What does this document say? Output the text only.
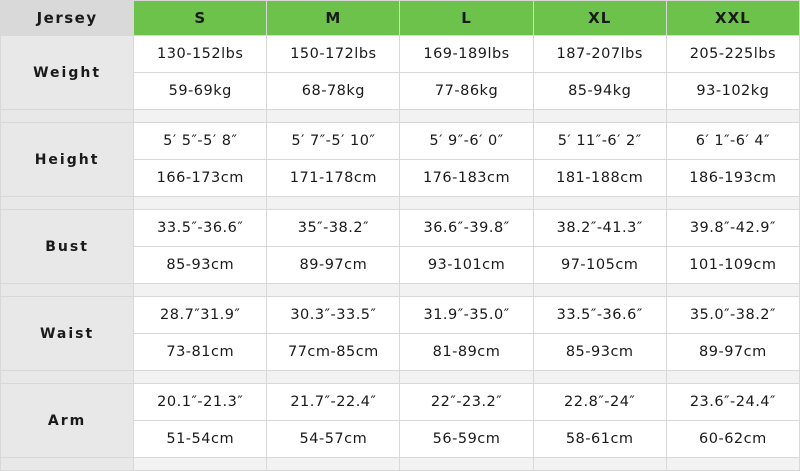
Jersey	S	M	L	XL	XXL
Weight	130-152lbs	150-172lbs	169-189lbs	187-207lbs	205-225lbs
	59-69kg	68-78kg	77-86kg	85-94kg	93-102kg

Height	5′ 5″-5′ 8″	5′ 7″-5′ 10″	5′ 9″-6′ 0″	5′ 11″-6′ 2″	6′ 1″-6′ 4″
	166-173cm	171-178cm	176-183cm	181-188cm	186-193cm

Bust	33.5″-36.6″	35″-38.2″	36.6″-39.8″	38.2″-41.3″	39.8″-42.9″
	85-93cm	89-97cm	93-101cm	97-105cm	101-109cm

Waist	28.7″31.9″	30.3″-33.5″	31.9″-35.0″	33.5″-36.6″	35.0″-38.2″
	73-81cm	77cm-85cm	81-89cm	85-93cm	89-97cm

Arm	20.1″-21.3″	21.7″-22.4″	22″-23.2″	22.8″-24″	23.6″-24.4″
	51-54cm	54-57cm	56-59cm	58-61cm	60-62cm
